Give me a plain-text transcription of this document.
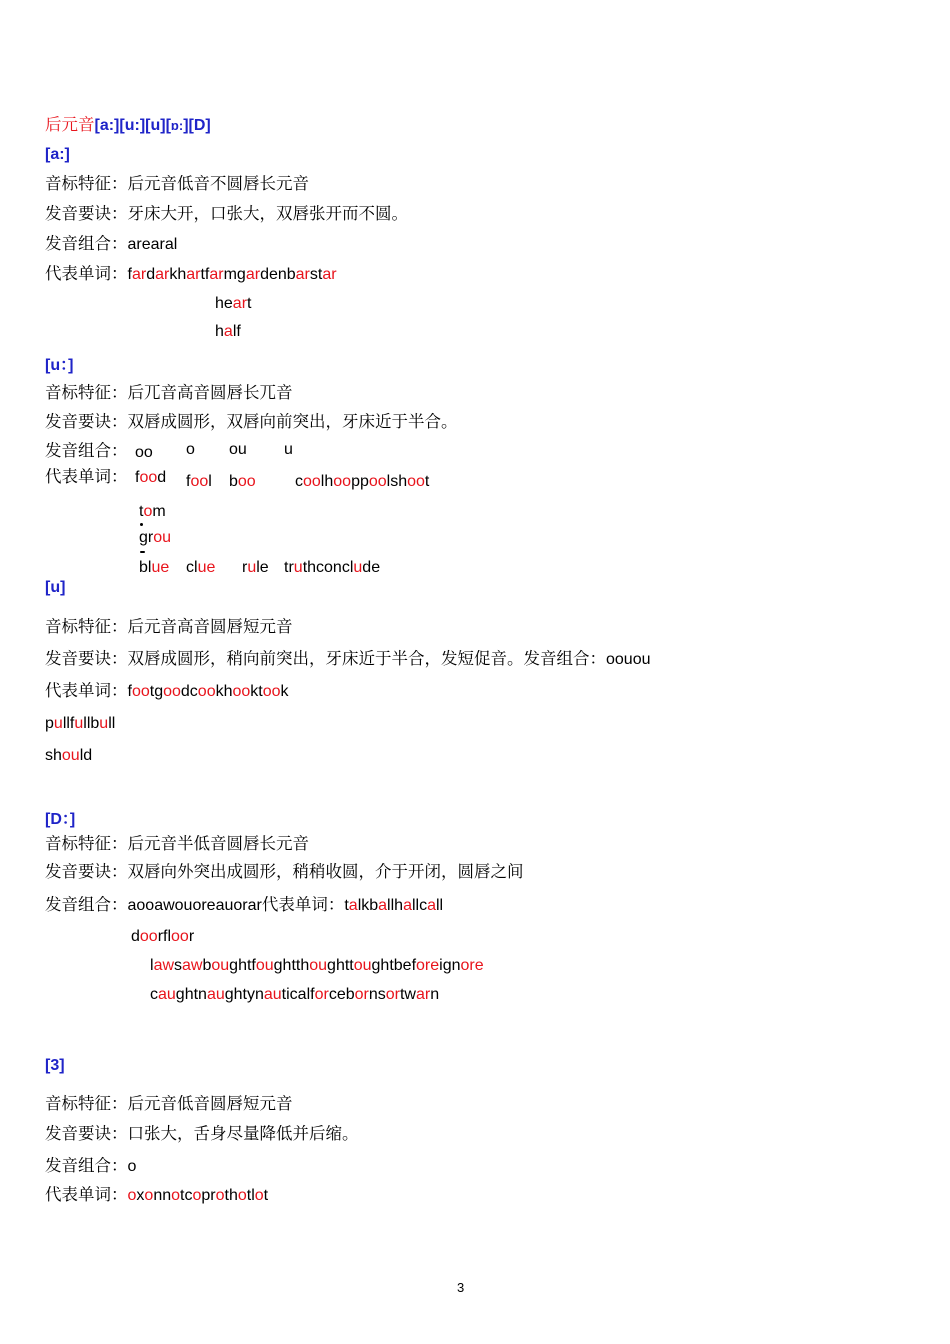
后元音[a:][u:][u][ɒ:][D]
[a:]
音标特征：后元音低音不圆唇长元音
发音要诀：牙床大开，口张大，双唇张开而不圆。
发音组合：arearal
代表单词：fardarkhartfarmgardenbarstar
heart
half
[u：]
音标特征：后兀音高音圆唇长兀音
发音要诀：双唇成圆形，双唇向前突出，牙床近于半合。
发音组合： oo o ou u
代表单词： food fool boo coolhooppoolshoot
tom
grou
blue clue rule truthconclude
[u]
音标特征：后元音高音圆唇短元音
发音要诀：双唇成圆形，稍向前突出，牙床近于半合，发短促音。发音组合：oouou
代表单词：footgoodcookhooktook
pullfullbull
should
[D：]
音标特征：后元音半低音圆唇长元音
发音要诀：双唇向外突出成圆形，稍稍收圆，介于开闭，圆唇之间
发音组合：aooawouoreauorar代表单词：talkballhallcall
doorfloor
lawsawboughtfoughtthoughttoughtbeforeignore
caughtnaughtynauticalforcebornsortwarn
[3]
音标特征：后元音低音圆唇短元音
发音要诀：口张大，舌身尽量降低并后缩。
发音组合：o
代表单词：oxonnotcoprothotlot
3
